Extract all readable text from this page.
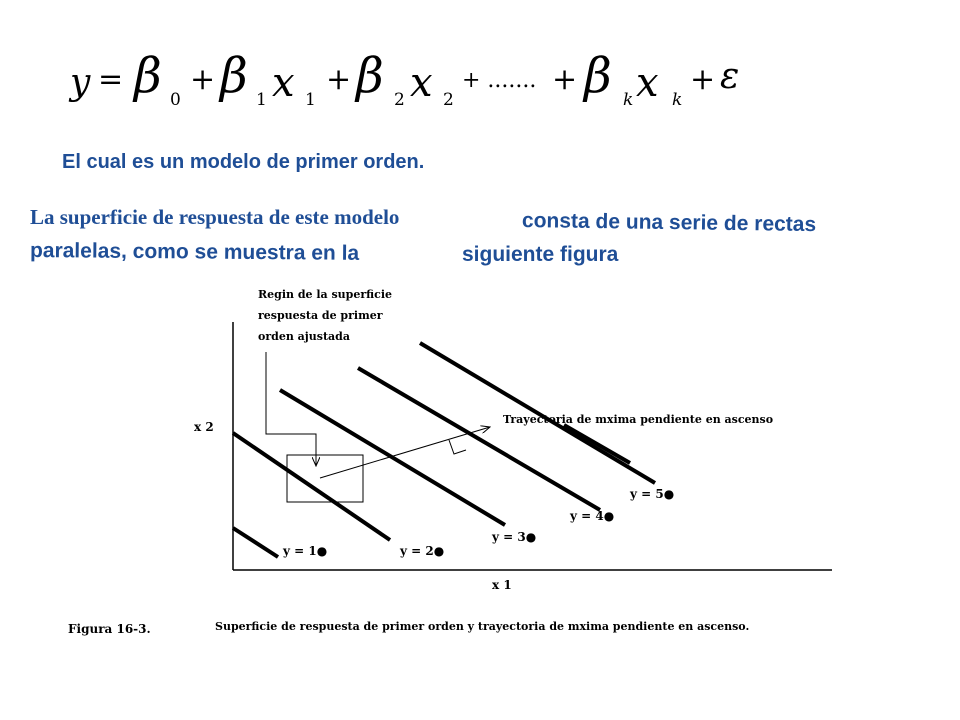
y = β 0
+ β 1 x 1
+ β 2 x 2
+ ....... + β k x k
+ ε
El cual es un modelo de primer orden.
La superficie de respuesta de este modelo	consta de una serie de rectas
paralelas, como se muestra en la	siguiente figura
Regin de la superficie
respuesta de primer
orden ajustada
Trayectoria de mxima pendiente en ascenso
x 2
x 1
y = 1●	y = 2●
y = 3●
y = 4●
y = 5●
Figura 16-3.	Superficie de respuesta de primer orden y trayectoria de mxima pendiente en ascenso.
